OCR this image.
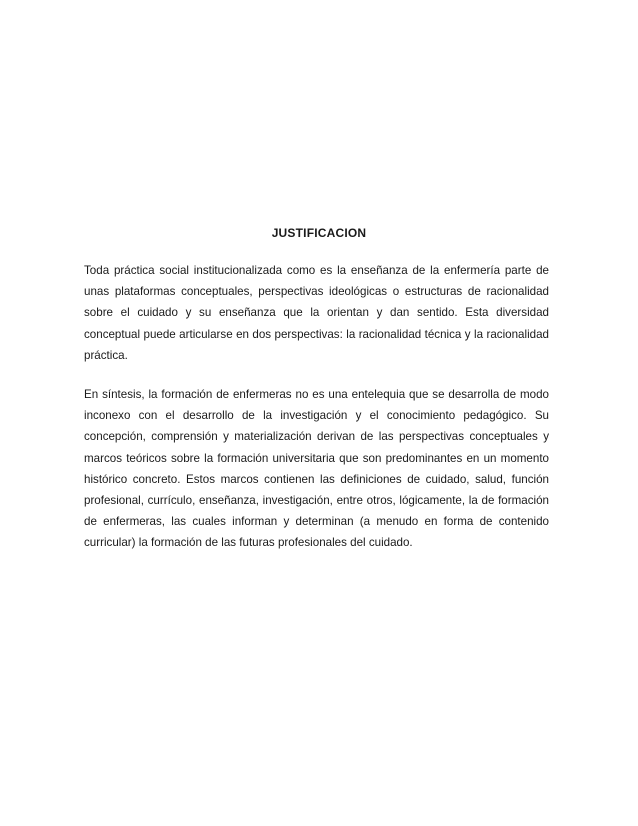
JUSTIFICACION

Toda práctica social institucionalizada como es la enseñanza de la enfermería parte de unas plataformas conceptuales, perspectivas ideológicas o estructuras de racionalidad sobre el cuidado y su enseñanza que la orientan y dan sentido. Esta diversidad conceptual puede articularse en dos perspectivas: la racionalidad técnica y la racionalidad práctica.

En síntesis, la formación de enfermeras no es una entelequia que se desarrolla de modo inconexo con el desarrollo de la investigación y el conocimiento pedagógico. Su concepción, comprensión y materialización derivan de las perspectivas conceptuales y marcos teóricos sobre la formación universitaria que son predominantes en un momento histórico concreto. Estos marcos contienen las definiciones de cuidado, salud, función profesional, currículo, enseñanza, investigación, entre otros, lógicamente, la de formación de enfermeras, las cuales informan y determinan (a menudo en forma de contenido curricular) la formación de las futuras profesionales del cuidado.
